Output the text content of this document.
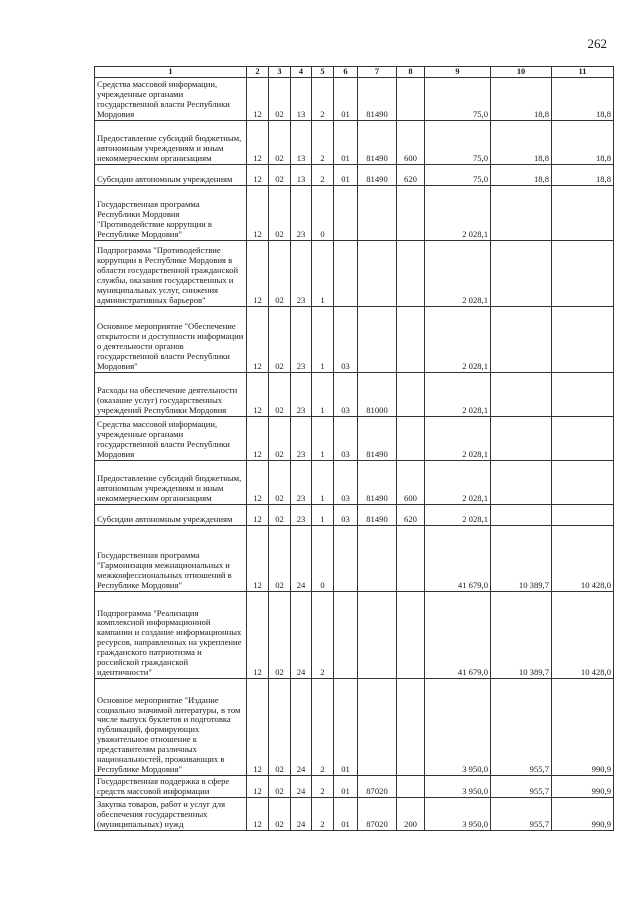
262
1	2	3	4	5	6	7	8	9	10	11
Средства массовой информации, учрежденные органами государственной власти Республики Мордовия	12	02	13	2	01	81490		75,0	18,8	18,8
Предоставление субсидий бюджетным, автономным учреждениям и иным некоммерческим организациям	12	02	13	2	01	81490	600	75,0	18,8	18,8
Субсидии автономным учреждениям	12	02	13	2	01	81490	620	75,0	18,8	18,8
Государственная программа Республики Мордовия "Противодействие коррупции в Республике Мордовия"	12	02	23	0				2 028,1		
Подпрограмма "Противодействие коррупции в Республике Мордовия в области государственной гражданской службы, оказания государственных и муниципальных услуг, снижения административных барьеров"	12	02	23	1				2 028,1		
Основное мероприятие "Обеспечение открытости и доступности информации о деятельности органов государственной власти Республики Мордовия"	12	02	23	1	03			2 028,1		
Расходы на обеспечение деятельности (оказание услуг) государственных учреждений Республики Мордовия	12	02	23	1	03	81000		2 028,1		
Средства массовой информации, учрежденные органами государственной власти Республики Мордовия	12	02	23	1	03	81490		2 028,1		
Предоставление субсидий бюджетным, автономным учреждениям и иным некоммерческим организациям	12	02	23	1	03	81490	600	2 028,1		
Субсидии автономным учреждениям	12	02	23	1	03	81490	620	2 028,1		
Государственная программа "Гармонизация межнациональных и межконфессиональных отношений в Республике Мордовия"	12	02	24	0				41 679,0	10 389,7	10 428,0
Подпрограмма "Реализация комплексной информационной кампании и создание информационных ресурсов, направленных на укрепление гражданского патриотизма и российской гражданской идентичности"	12	02	24	2				41 679,0	10 389,7	10 428,0
Основное мероприятие "Издание социально значимой литературы, в том числе выпуск буклетов и подготовка публикаций, формирующих уважительное отношение к представителям различных национальностей, проживающих в Республике Мордовия"	12	02	24	2	01			3 950,0	955,7	990,9
Государственная поддержка в сфере средств массовой информации	12	02	24	2	01	87020		3 950,0	955,7	990,9
Закупка товаров, работ и услуг для обеспечения государственных (муниципальных) нужд	12	02	24	2	01	87020	200	3 950,0	955,7	990,9
